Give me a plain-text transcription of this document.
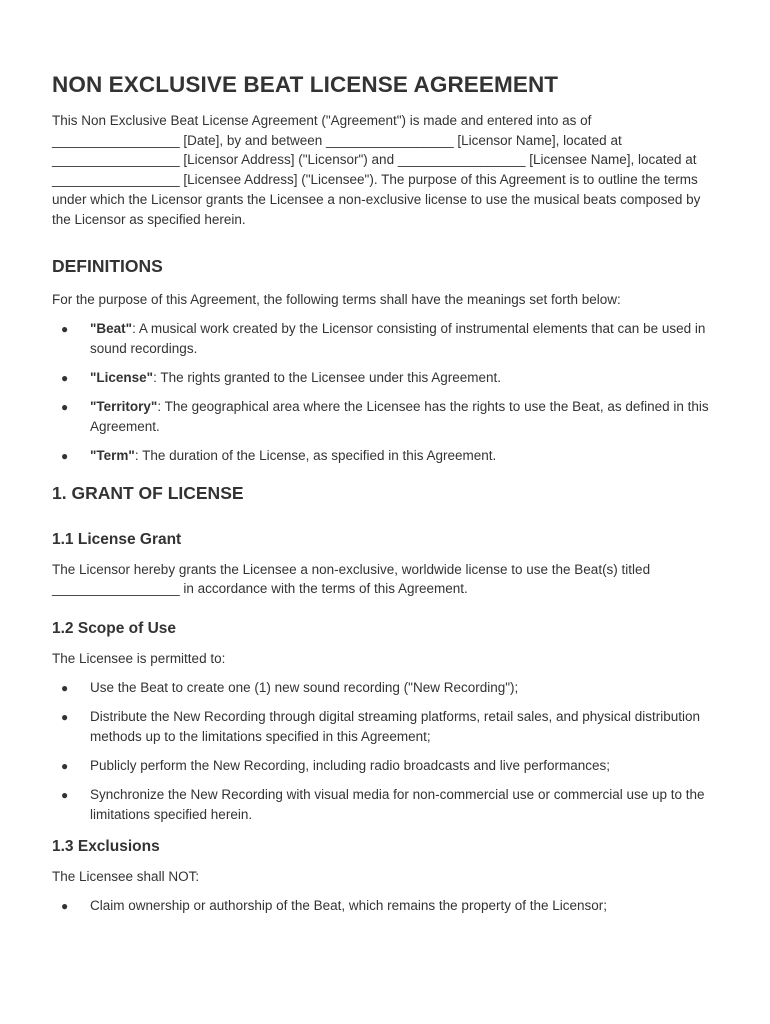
NON EXCLUSIVE BEAT LICENSE AGREEMENT

This Non Exclusive Beat License Agreement ("Agreement") is made and entered into as of _________________ [Date], by and between _________________ [Licensor Name], located at _________________ [Licensor Address] ("Licensor") and _________________ [Licensee Name], located at _________________ [Licensee Address] ("Licensee"). The purpose of this Agreement is to outline the terms under which the Licensor grants the Licensee a non-exclusive license to use the musical beats composed by the Licensor as specified herein.

DEFINITIONS

For the purpose of this Agreement, the following terms shall have the meanings set forth below:

● "Beat": A musical work created by the Licensor consisting of instrumental elements that can be used in sound recordings.
● "License": The rights granted to the Licensee under this Agreement.
● "Territory": The geographical area where the Licensee has the rights to use the Beat, as defined in this Agreement.
● "Term": The duration of the License, as specified in this Agreement.
1. GRANT OF LICENSE
1.1 License Grant

The Licensor hereby grants the Licensee a non-exclusive, worldwide license to use the Beat(s) titled _________________ in accordance with the terms of this Agreement.

1.2 Scope of Use

The Licensee is permitted to:

● Use the Beat to create one (1) new sound recording ("New Recording");
● Distribute the New Recording through digital streaming platforms, retail sales, and physical distribution methods up to the limitations specified in this Agreement;
● Publicly perform the New Recording, including radio broadcasts and live performances;
● Synchronize the New Recording with visual media for non-commercial use or commercial use up to the limitations specified herein.
1.3 Exclusions

The Licensee shall NOT:

● Claim ownership or authorship of the Beat, which remains the property of the Licensor;
